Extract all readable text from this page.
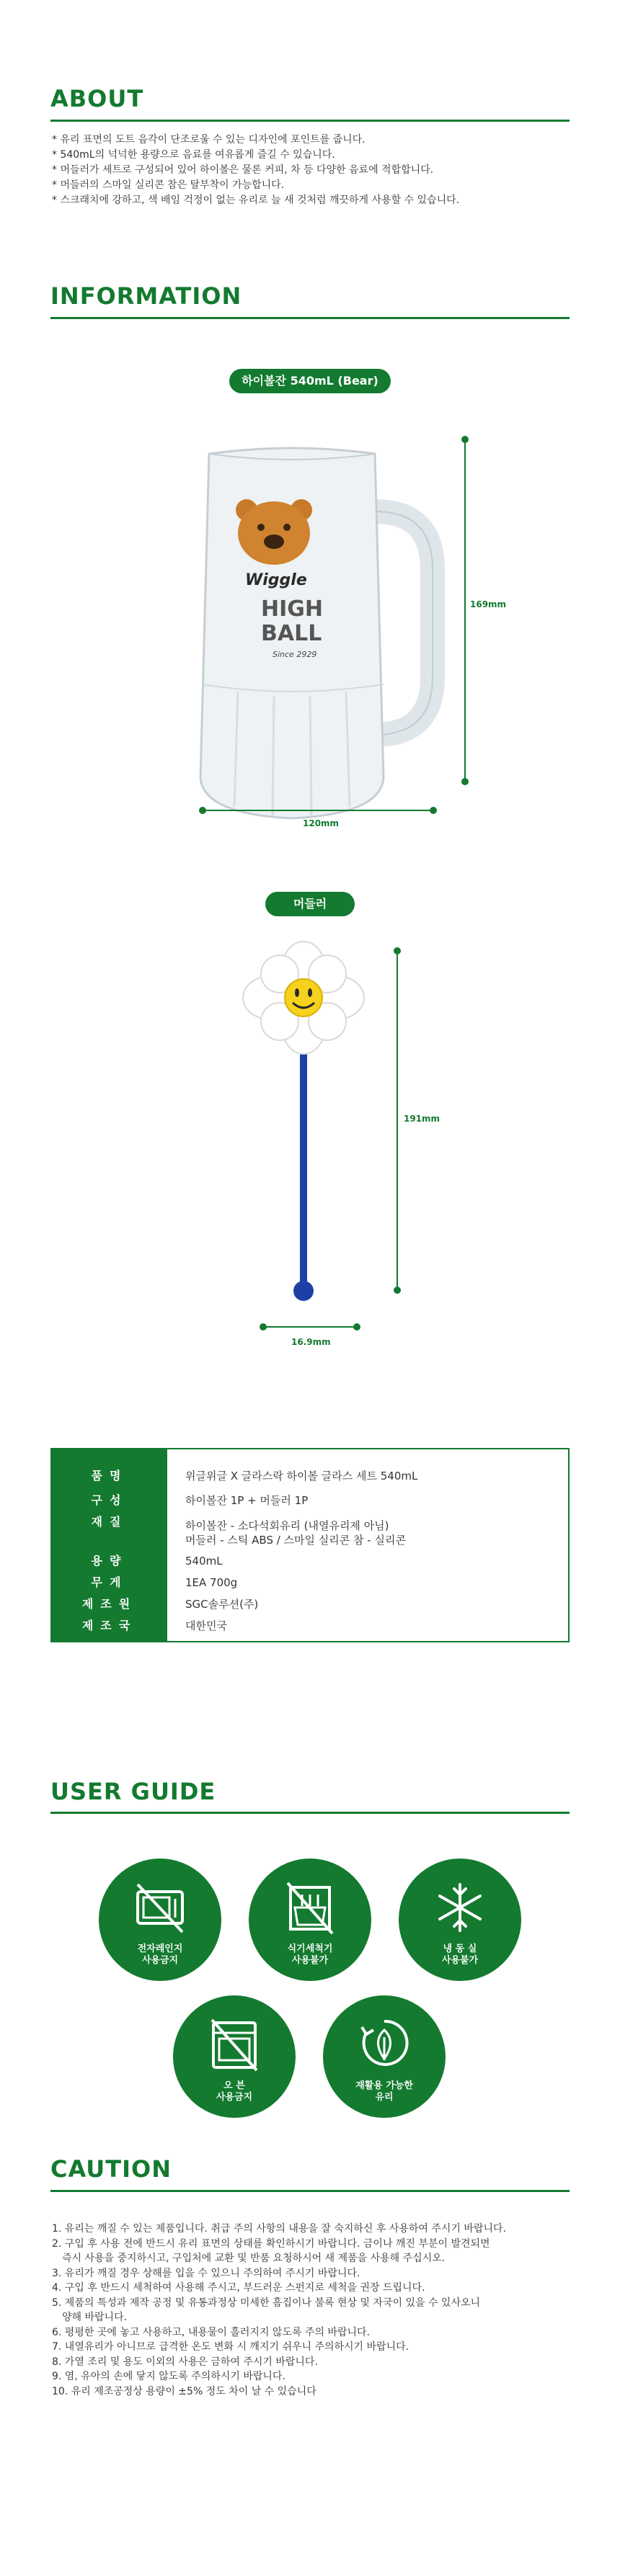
ABOUT
* 유리 표면의 도트 음각이 단조로울 수 있는 디자인에 포인트를 줍니다.
* 540mL의 넉넉한 용량으로 음료를 여유롭게 즐길 수 있습니다.
* 머들러가 세트로 구성되어 있어 하이볼은 물론 커피, 차 등 다양한 음료에 적합합니다.
* 머들러의 스마일 실리콘 참은 탈부착이 가능합니다.
* 스크래치에 강하고, 색 배임 걱정이 없는 유리로 늘 새 것처럼 깨끗하게 사용할 수 있습니다.
INFORMATION
하이볼잔 540mL (Bear)
Wiggle
HIGH
BALL
Since 2929
169mm
120mm
머들러
191mm
16.9mm
품명	위글위글 X 글라스락 하이볼 글라스 세트 540mL
구성	하이볼잔 1P + 머들러 1P
재질	하이볼잔 - 소다석회유리 (내열유리제 아님)
머들러 - 스틱 ABS / 스마일 실리콘 참 - 실리콘
용량	540mL
무게	1EA 700g
제조원	SGC솔루션(주)
제조국	대한민국
USER GUIDE
전자레인지
사용금지
식기세척기
사용불가
냉 동 실
사용불가
오 븐
사용금지
재활용 가능한
유리
CAUTION
1. 유리는 깨질 수 있는 제품입니다. 취급 주의 사항의 내용을 잘 숙지하신 후 사용하여 주시기 바랍니다.
2. 구입 후 사용 전에 반드시 유리 표면의 상태를 확인하시기 바랍니다. 금이나 깨진 부분이 발견되면
즉시 사용을 중지하시고, 구입처에 교환 및 반품 요청하시어 새 제품을 사용해 주십시오.
3. 유리가 깨질 경우 상해를 입을 수 있으니 주의하여 주시기 바랍니다.
4. 구입 후 반드시 세척하여 사용해 주시고, 부드러운 스펀지로 세척을 권장 드립니다.
5. 제품의 특성과 제작 공정 및 유통과정상 미세한 흠집이나 불록 현상 및 자국이 있을 수 있사오니
양해 바랍니다.
6. 평평한 곳에 놓고 사용하고, 내용물이 흘러지지 않도록 주의 바랍니다.
7. 내열유리가 아니므로 급격한 온도 변화 시 깨지기 쉬우니 주의하시기 바랍니다.
8. 가열 조리 및 용도 이외의 사용은 금하여 주시기 바랍니다.
9. 염, 유아의 손에 닿지 않도록 주의하시기 바랍니다.
10. 유리 제조공정상 용량이 ±5% 정도 차이 날 수 있습니다
